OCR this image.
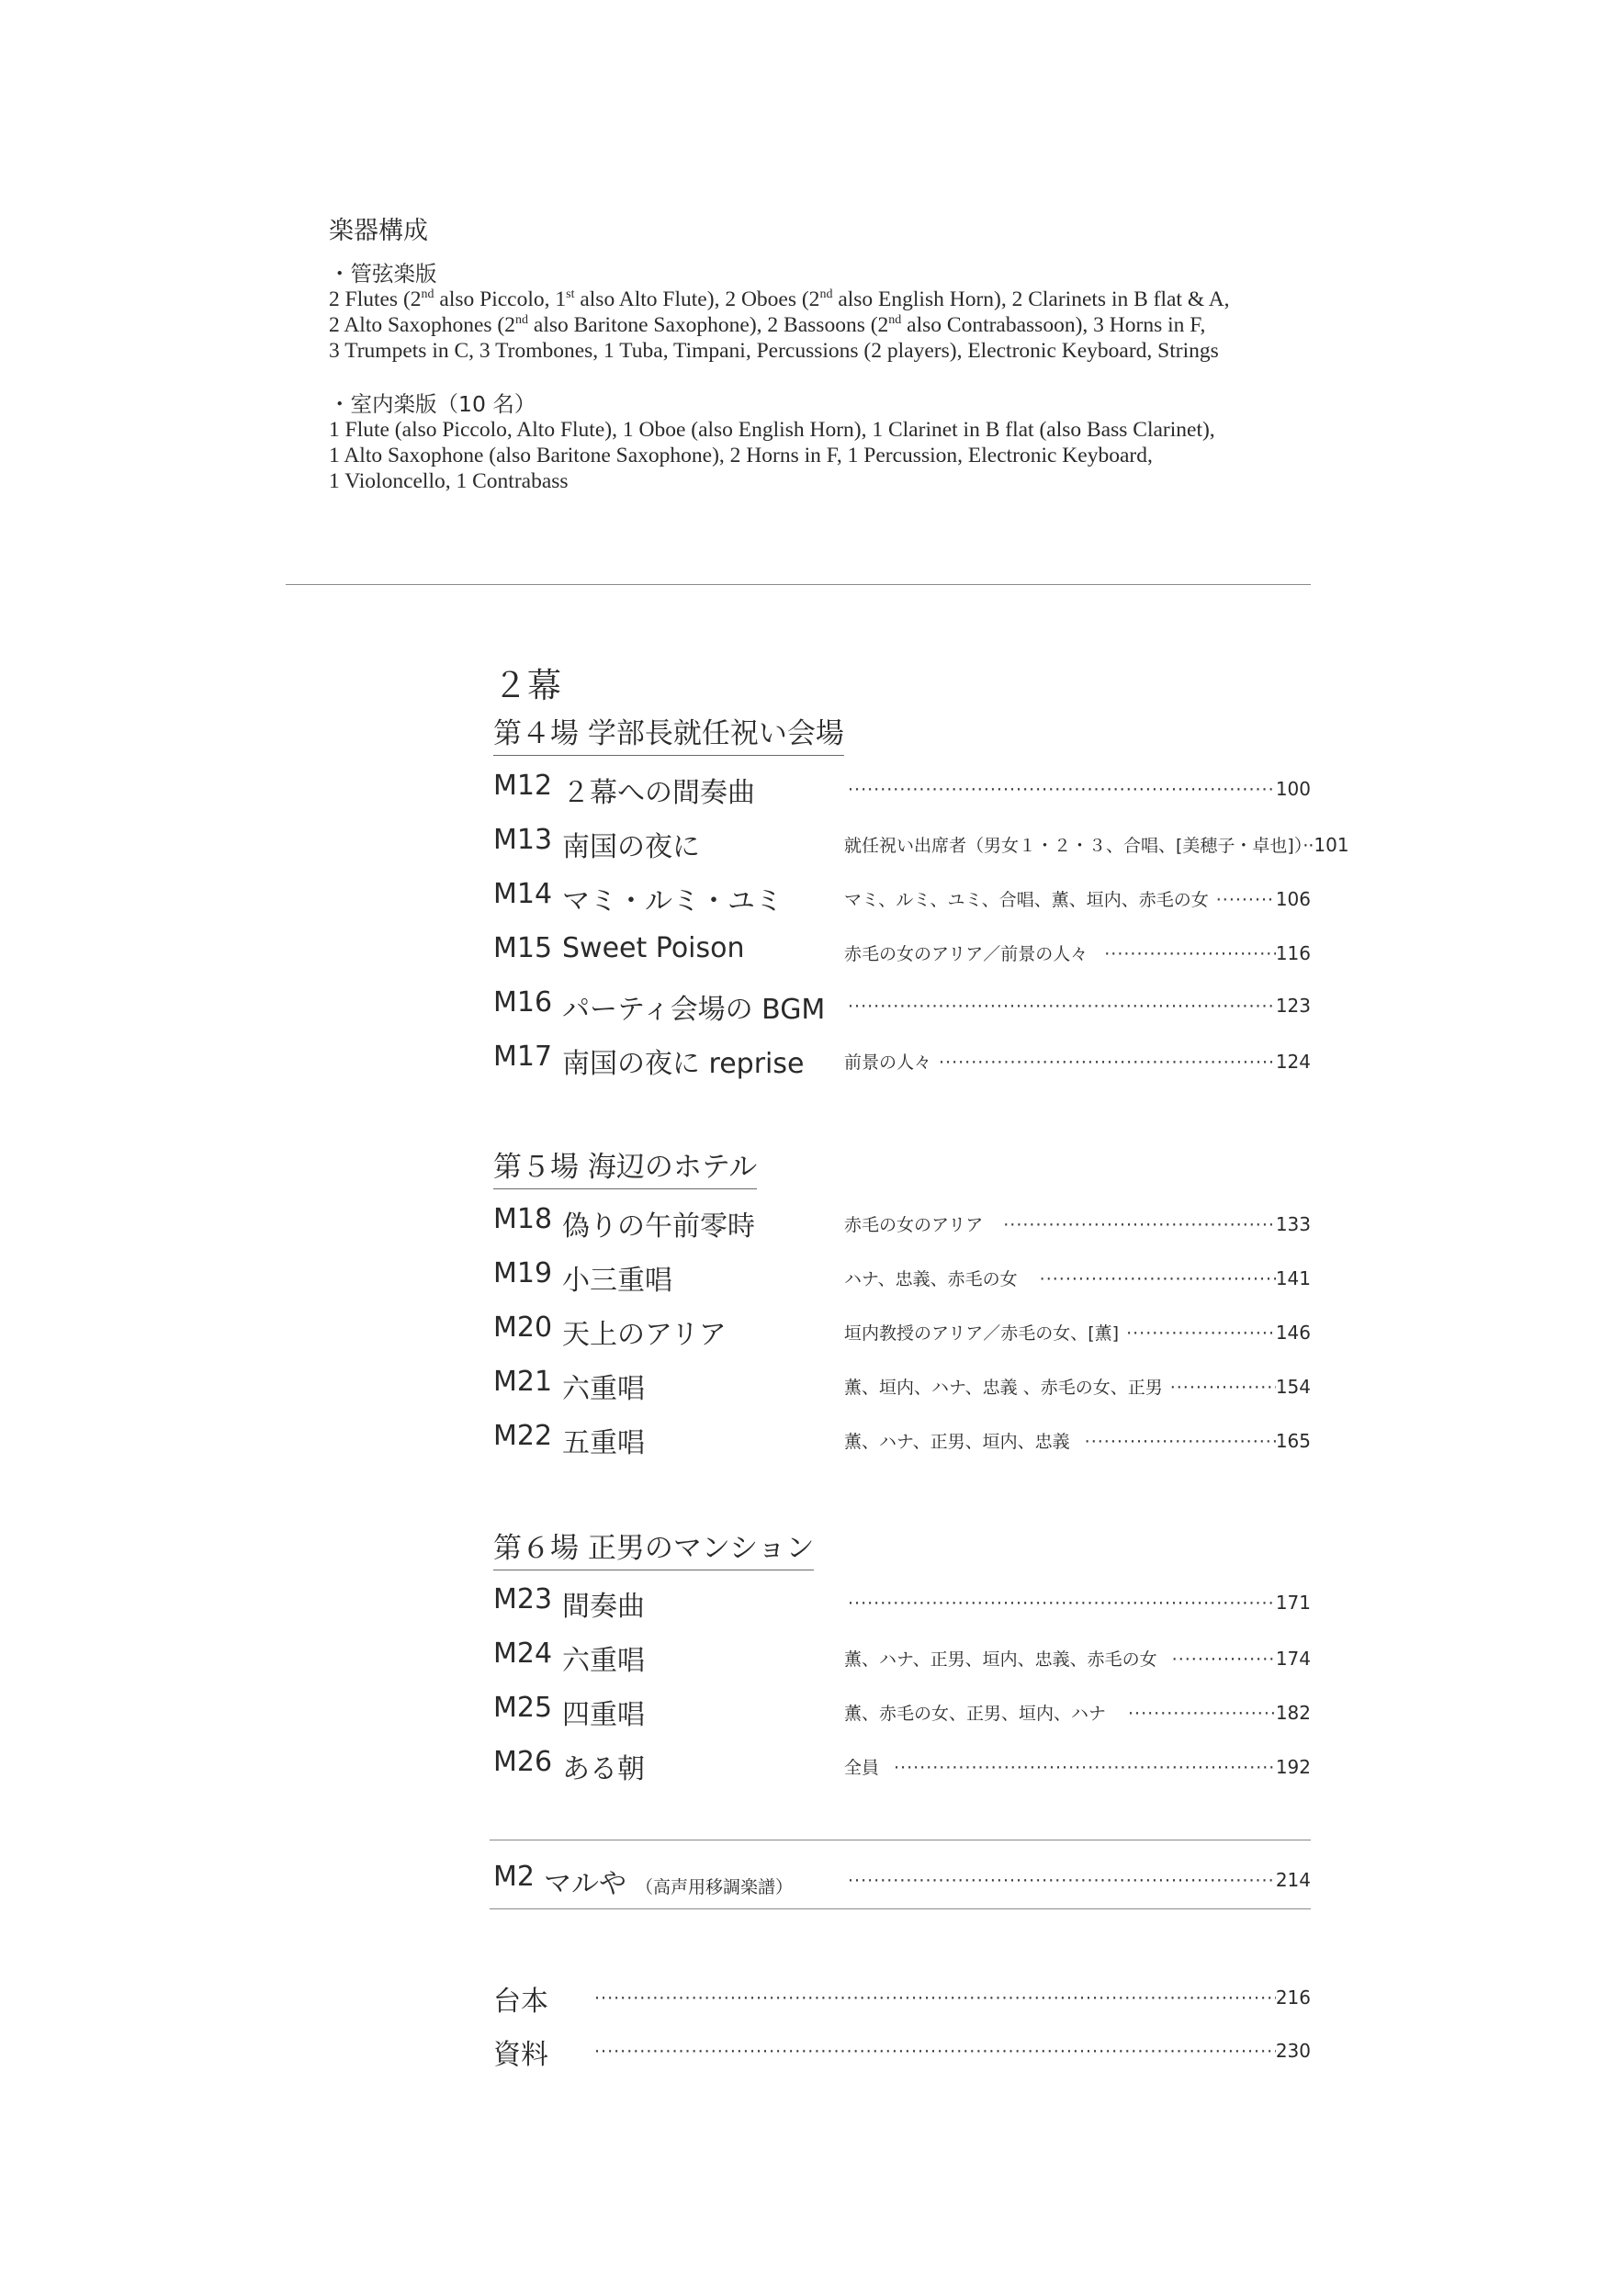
楽器構成
・管弦楽版
2 Flutes (2nd also Piccolo, 1st also Alto Flute), 2 Oboes (2nd also English Horn), 2 Clarinets in B flat & A,
2 Alto Saxophones (2nd also Baritone Saxophone), 2 Bassoons (2nd also Contrabassoon), 3 Horns in F,
3 Trumpets in C, 3 Trombones, 1 Tuba, Timpani, Percussions (2 players), Electronic Keyboard, Strings
・室内楽版（10 名）
1 Flute (also Piccolo, Alto Flute), 1 Oboe (also English Horn), 1 Clarinet in B flat (also Bass Clarinet),
1 Alto Saxophone (also Baritone Saxophone), 2 Horns in F, 1 Percussion, Electronic Keyboard,
1 Violoncello, 1 Contrabass
２幕
第４場 学部長就任祝い会場
第５場 海辺のホテル
第６場 正男のマンション
M12 ２幕への間奏曲 ·····	100
M13 南国の夜に	就任祝い出席者（男女１・２・３、合唱、[美穂子・卓也]）·· 101
M14 マミ・ルミ・ユミ	マミ、ルミ、ユミ、合唱、薫、垣内、赤毛の女 ·····	106
M15 Sweet Poison	赤毛の女のアリア／前景の人々 ·····	116
M16 パーティ会場の BGM ·····	123
M17 南国の夜に reprise 前景の人々 ·····	124
M18 偽りの午前零時	赤毛の女のアリア ·····	133
M19 小三重唱	ハナ、忠義、赤毛の女 ·····	141
M20 天上のアリア	垣内教授のアリア／赤毛の女、[薫] ·····	146
M21 六重唱	薫、垣内、ハナ、忠義 、赤毛の女、正男 ·····	154
M22 五重唱	薫、ハナ、正男、垣内、忠義 ·····	165
M23 間奏曲 ·····	171
M24 六重唱	薫、ハナ、正男、垣内、忠義、赤毛の女 ·····	174
M25 四重唱	薫、赤毛の女、正男、垣内、ハナ ·····	182
M26 ある朝	全員 ·····	192
M2 マルや （高声用移調楽譜） ·····	214
台本 ·····	216
資料 ·····	230
